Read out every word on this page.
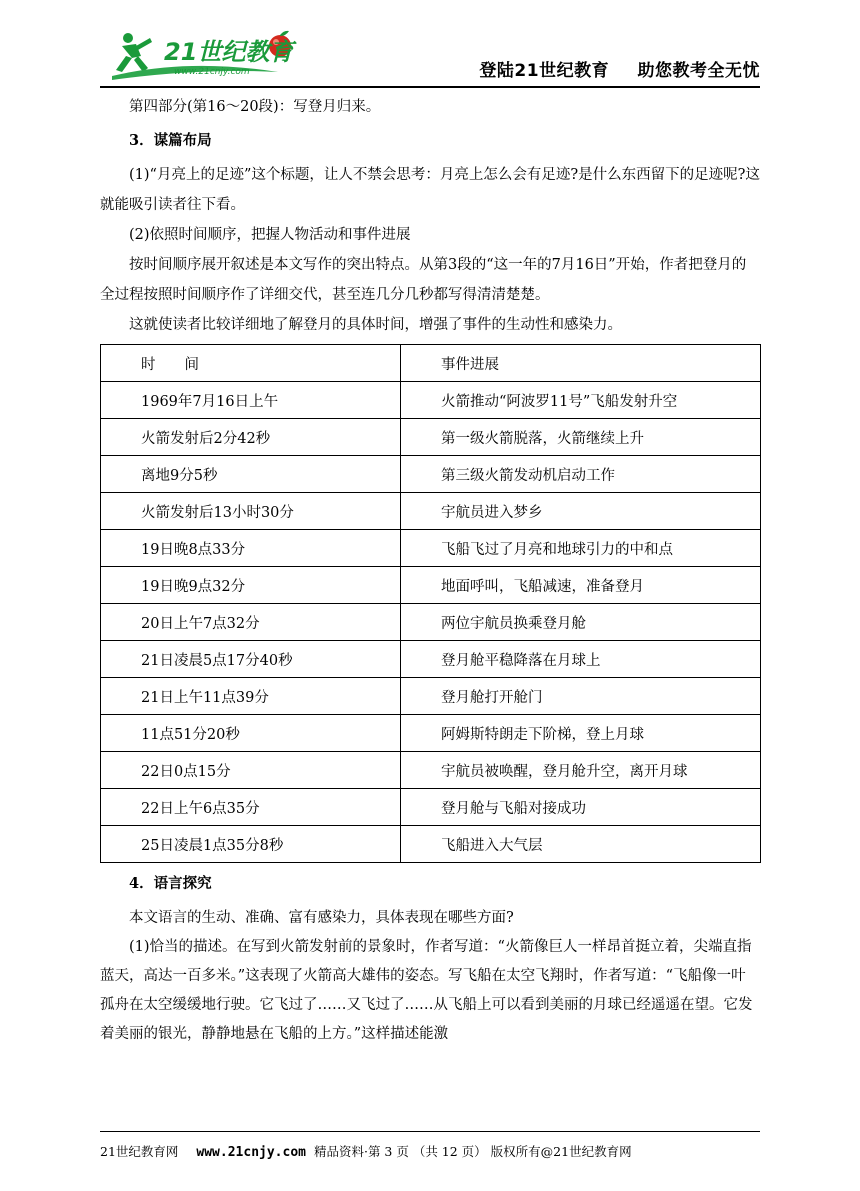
21世纪教育
www.21cnjy.com	登陆21世纪教育 助您教考全无忧

第四部分(第16～20段)：写登月归来。

3．谋篇布局

(1)“月亮上的足迹”这个标题，让人不禁会思考：月亮上怎么会有足迹?是什么东西留下的足迹呢?这就能吸引读者往下看。

(2)依照时间顺序，把握人物活动和事件进展

按时间顺序展开叙述是本文写作的突出特点。从第3段的“这一年的7月16日”开始，作者把登月的全过程按照时间顺序作了详细交代，甚至连几分几秒都写得清清楚楚。

这就使读者比较详细地了解登月的具体时间，增强了事件的生动性和感染力。

时　　间	事件进展
1969年7月16日上午	火箭推动“阿波罗11号”飞船发射升空
火箭发射后2分42秒	第一级火箭脱落，火箭继续上升
离地9分5秒	第三级火箭发动机启动工作
火箭发射后13小时30分	宇航员进入梦乡
19日晚8点33分	飞船飞过了月亮和地球引力的中和点
19日晚9点32分	地面呼叫，飞船减速，准备登月
20日上午7点32分	两位宇航员换乘登月舱
21日凌晨5点17分40秒	登月舱平稳降落在月球上
21日上午11点39分	登月舱打开舱门
11点51分20秒	阿姆斯特朗走下阶梯，登上月球
22日0点15分	宇航员被唤醒，登月舱升空，离开月球
22日上午6点35分	登月舱与飞船对接成功
25日凌晨1点35分8秒	飞船进入大气层

4．语言探究

本文语言的生动、准确、富有感染力，具体表现在哪些方面?

(1)恰当的描述。在写到火箭发射前的景象时，作者写道：“火箭像巨人一样昂首挺立着，尖端直指蓝天，高达一百多米。”这表现了火箭高大雄伟的姿态。写飞船在太空飞翔时，作者写道：“飞船像一叶孤舟在太空缓缓地行驶。它飞过了……又飞过了……从飞船上可以看到美丽的月球已经遥遥在望。它发着美丽的银光，静静地悬在飞船的上方。”这样描述能激

21世纪教育网 www.21cnjy.com 精品资料·第 3 页 （共 12 页） 版权所有@21世纪教育网
